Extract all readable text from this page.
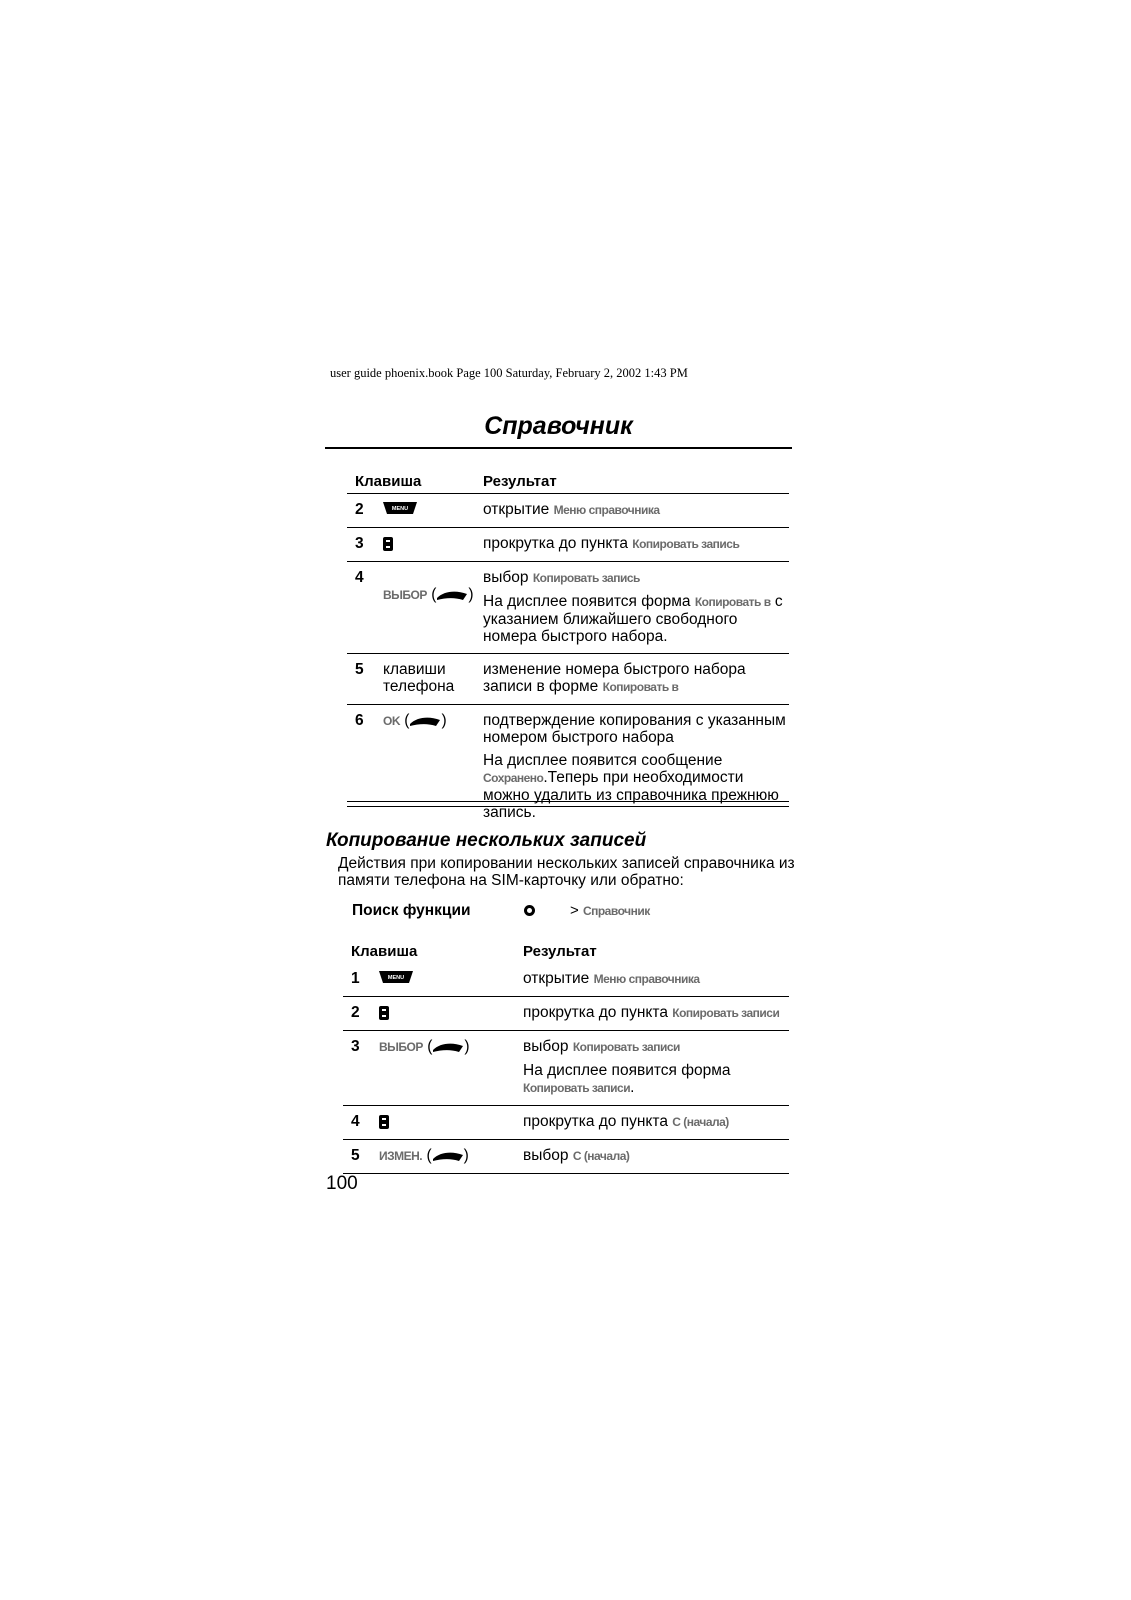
user guide phoenix.book Page 100 Saturday, February 2, 2002 1:43 PM
Справочник
Клавиша		Результат
2	MENU	открытие Меню справочника
3		прокрутка до пункта Копировать запись
4	ВЫБОР ( )	выбор Копировать запись

На дисплее появится форма Копировать в с указанием ближайшего свободного номера быстрого набора.

5	клавиши телефона	изменение номера быстрого набора записи в форме Копировать в
6	OK ( )	подтверждение копирования с указанным номером быстрого набора

На дисплее появится сообщение Сохранено.Теперь при необходимости можно удалить из справочника прежнюю запись.

Копирование нескольких записей
Действия при копировании нескольких записей справочника из памяти телефона на SIM-карточку или обратно:
Поиск функции	> Справочник
Клавиша		Результат
1	MENU	открытие Меню справочника
2		прокрутка до пункта Копировать записи
3	ВЫБОР ( )	выбор Копировать записи

На дисплее появится форма
Копировать записи.

4		прокрутка до пункта С (начала)
5	ИЗМЕН. ( )	выбор С (начала)
100
